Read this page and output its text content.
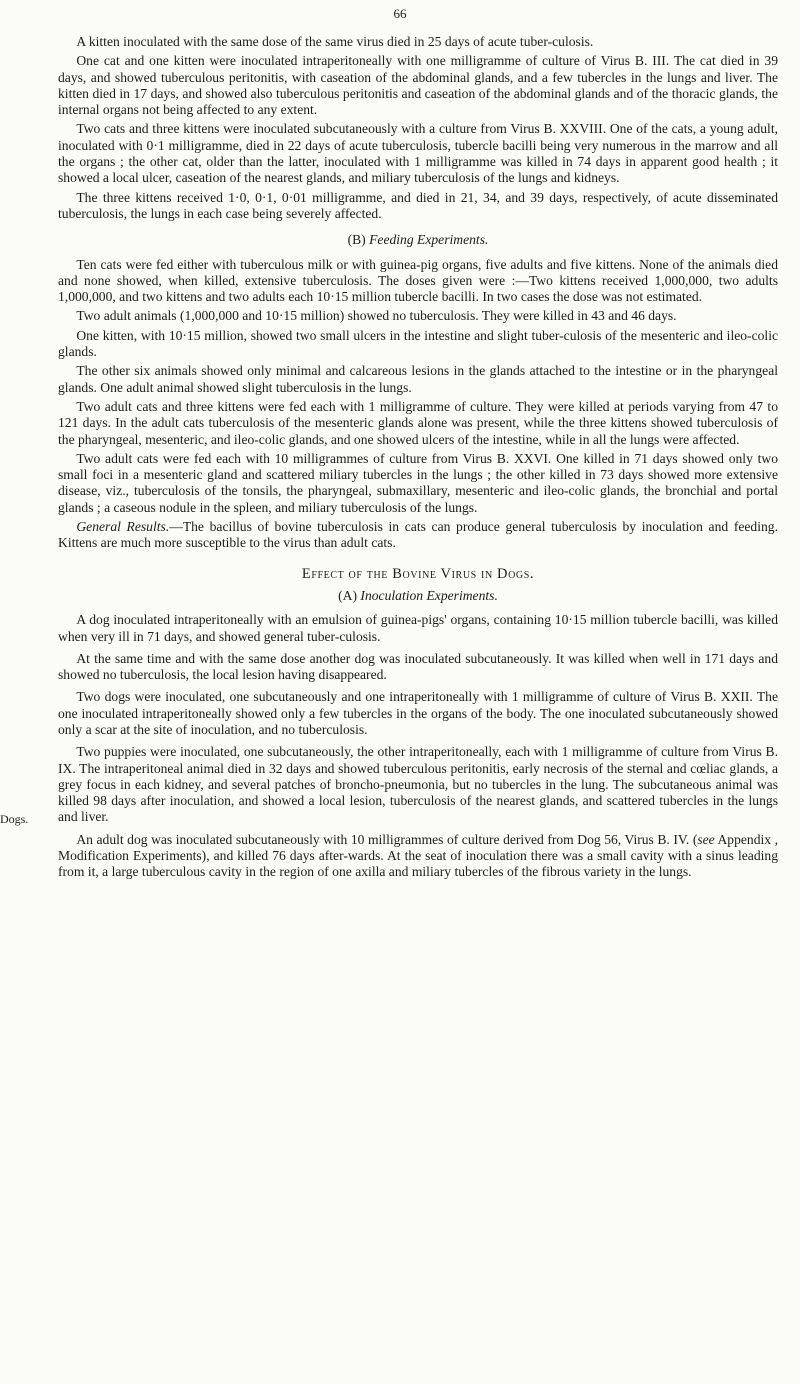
66
Dogs.

A kitten inoculated with the same dose of the same virus died in 25 days of acute tuber-culosis.

One cat and one kitten were inoculated intraperitoneally with one milligramme of culture of Virus B. III. The cat died in 39 days, and showed tuberculous peritonitis, with caseation of the abdominal glands, and a few tubercles in the lungs and liver. The kitten died in 17 days, and showed also tuberculous peritonitis and caseation of the abdominal glands and of the thoracic glands, the internal organs not being affected to any extent.

Two cats and three kittens were inoculated subcutaneously with a culture from Virus B. XXVIII. One of the cats, a young adult, inoculated with 0·1 milligramme, died in 22 days of acute tuberculosis, tubercle bacilli being very numerous in the marrow and all the organs ; the other cat, older than the latter, inoculated with 1 milligramme was killed in 74 days in apparent good health ; it showed a local ulcer, caseation of the nearest glands, and miliary tuberculosis of the lungs and kidneys.

The three kittens received 1·0, 0·1, 0·01 milligramme, and died in 21, 34, and 39 days, respectively, of acute disseminated tuberculosis, the lungs in each case being severely affected.

(B) Feeding Experiments.

Ten cats were fed either with tuberculous milk or with guinea-pig organs, five adults and five kittens. None of the animals died and none showed, when killed, extensive tuberculosis. The doses given were :—Two kittens received 1,000,000, two adults 1,000,000, and two kittens and two adults each 10·15 million tubercle bacilli. In two cases the dose was not estimated.

Two adult animals (1,000,000 and 10·15 million) showed no tuberculosis. They were killed in 43 and 46 days.

One kitten, with 10·15 million, showed two small ulcers in the intestine and slight tuber-culosis of the mesenteric and ileo-colic glands.

The other six animals showed only minimal and calcareous lesions in the glands attached to the intestine or in the pharyngeal glands. One adult animal showed slight tuberculosis in the lungs.

Two adult cats and three kittens were fed each with 1 milligramme of culture. They were killed at periods varying from 47 to 121 days. In the adult cats tuberculosis of the mesenteric glands alone was present, while the three kittens showed tuberculosis of the pharyngeal, mesenteric, and ileo-colic glands, and one showed ulcers of the intestine, while in all the lungs were affected.

Two adult cats were fed each with 10 milligrammes of culture from Virus B. XXVI. One killed in 71 days showed only two small foci in a mesenteric gland and scattered miliary tubercles in the lungs ; the other killed in 73 days showed more extensive disease, viz., tuberculosis of the tonsils, the pharyngeal, submaxillary, mesenteric and ileo-colic glands, the bronchial and portal glands ; a caseous nodule in the spleen, and miliary tuberculosis of the lungs.

General Results.—The bacillus of bovine tuberculosis in cats can produce general tuberculosis by inoculation and feeding. Kittens are much more susceptible to the virus than adult cats.

Effect of the Bovine Virus in Dogs.
(A) Inoculation Experiments.

A dog inoculated intraperitoneally with an emulsion of guinea-pigs' organs, containing 10·15 million tubercle bacilli, was killed when very ill in 71 days, and showed general tuber-culosis.

At the same time and with the same dose another dog was inoculated subcutaneously. It was killed when well in 171 days and showed no tuberculosis, the local lesion having disappeared.

Two dogs were inoculated, one subcutaneously and one intraperitoneally with 1 milligramme of culture of Virus B. XXII. The one inoculated intraperitoneally showed only a few tubercles in the organs of the body. The one inoculated subcutaneously showed only a scar at the site of inoculation, and no tuberculosis.

Two puppies were inoculated, one subcutaneously, the other intraperitoneally, each with 1 milligramme of culture from Virus B. IX. The intraperitoneal animal died in 32 days and showed tuberculous peritonitis, early necrosis of the sternal and cœliac glands, a grey focus in each kidney, and several patches of broncho-pneumonia, but no tubercles in the lung. The subcutaneous animal was killed 98 days after inoculation, and showed a local lesion, tuberculosis of the nearest glands, and scattered tubercles in the lungs and liver.

An adult dog was inoculated subcutaneously with 10 milligrammes of culture derived from Dog 56, Virus B. IV. (see Appendix , Modification Experiments), and killed 76 days after-wards. At the seat of inoculation there was a small cavity with a sinus leading from it, a large tuberculous cavity in the region of one axilla and miliary tubercles of the fibrous variety in the lungs.
